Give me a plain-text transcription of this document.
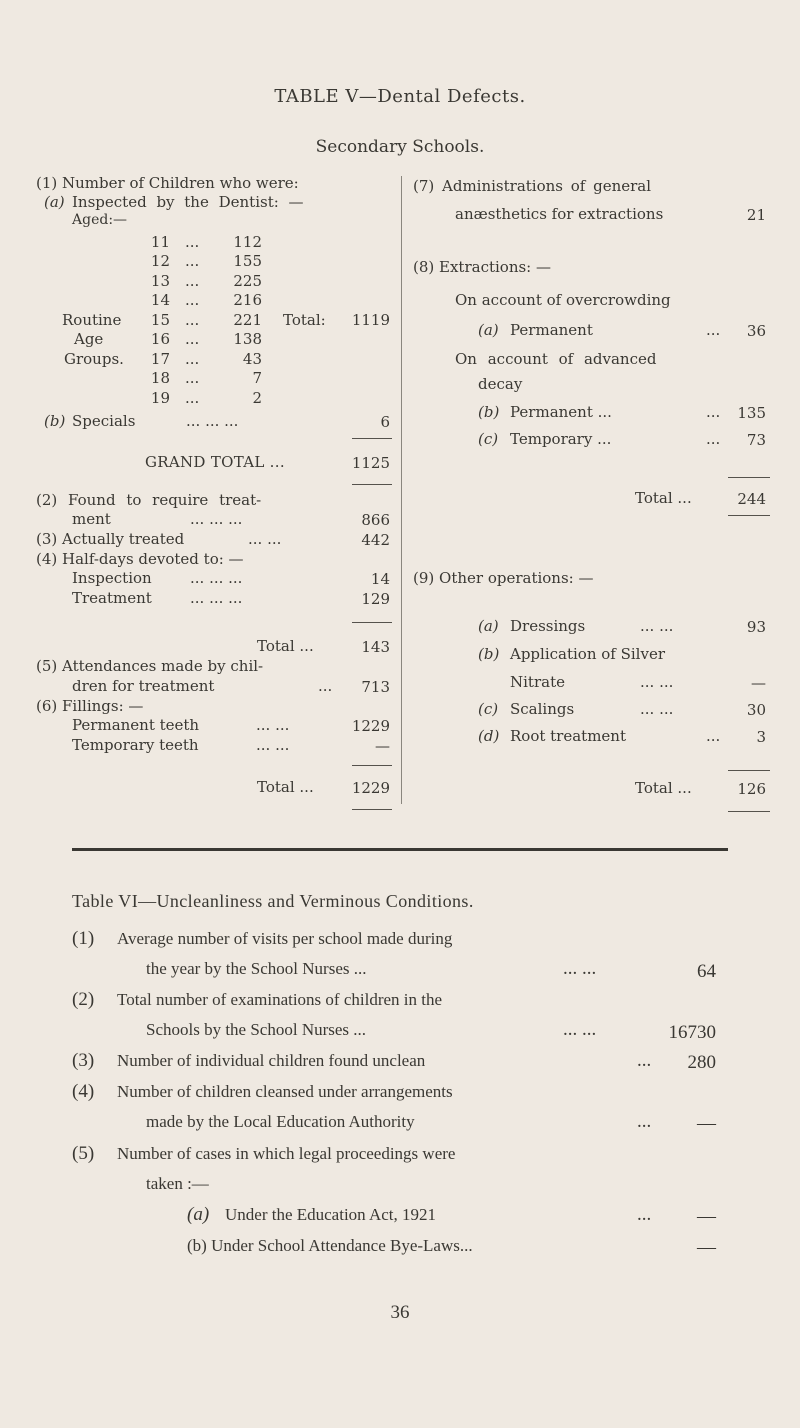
TABLE V—Dental Defects.
Secondary Schools.
(1) Number of Children who were:
(a) Inspected by the Dentist: —
Aged:—
11 ...	112
12 ...	155
13 ...	225
14 ...	216
15 ...	221
16 ...	138
17 ...	43
18 ...	7
19 ...	2
Routine
Age
Groups.
Total:	1119
(b) Specials	... ... ...	6
GRAND TOTAL ...	1125
(2) Found to require treat-
ment	... ... ...	866
(3) Actually treated	... ...	442
(4) Half-days devoted to: —
Inspection	... ... ...	14
Treatment	... ... ...	129
Total ...	143
(5) Attendances made by chil-
dren for treatment	...	713
(6) Fillings: —
Permanent teeth	... ...	1229
Temporary teeth	... ...	—
Total ...	1229
(7) Administrations of general
anæsthetics for extractions	21
(8) Extractions: —
On account of overcrowding
(a) Permanent	...	36
On account of advanced
decay
(b) Permanent ...	...	135
(c) Temporary ...	...	73
Total ...	244
(9) Other operations: —
(a) Dressings	... ...	93
(b) Application of Silver
Nitrate	... ...	—
(c) Scalings	... ...	30
(d) Root treatment	...	3
Total ...	126
Table VI—Uncleanliness and Verminous Conditions.
(1) Average number of visits per school made during
the year by the School Nurses ...	... ...	64
(2) Total number of examinations of children in the
Schools by the School Nurses ...	... ...	16730
(3) Number of individual children found unclean	...	280
(4) Number of children cleansed under arrangements
made by the Local Education Authority	...	—
(5) Number of cases in which legal proceedings were
taken :—
(a) Under the Education Act, 1921	...	—
(b) Under School Attendance Bye-Laws...	—
36
